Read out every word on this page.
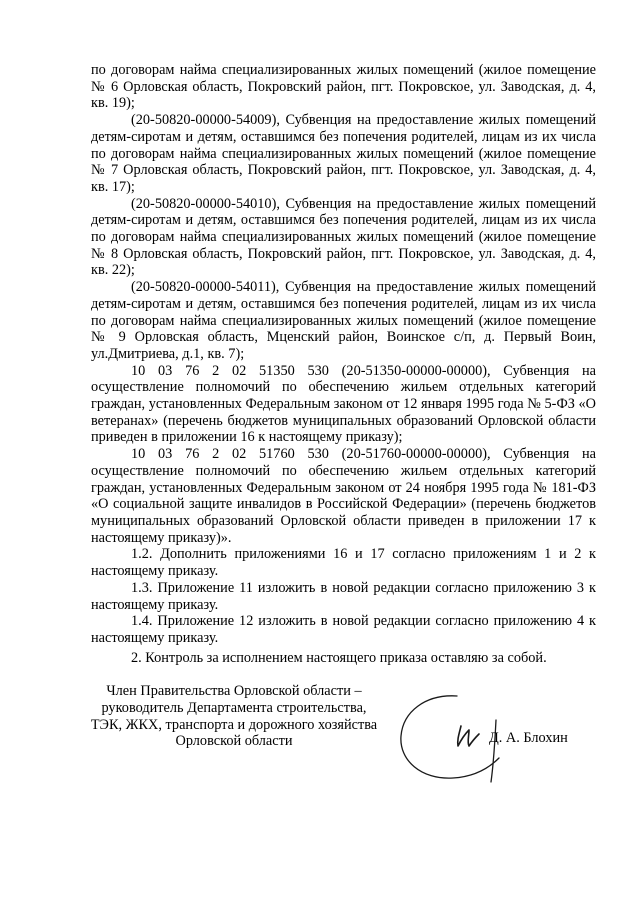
по договорам найма специализированных жилых помещений (жилое помещение № 6 Орловская область, Покровский район, пгт. Покровское, ул. Заводская, д. 4, кв. 19);

(20-50820-00000-54009), Субвенция на предоставление жилых помещений детям-сиротам и детям, оставшимся без попечения родителей, лицам из их числа по договорам найма специализированных жилых помещений (жилое помещение № 7 Орловская область, Покровский район, пгт. Покровское, ул. Заводская, д. 4, кв. 17);

(20-50820-00000-54010), Субвенция на предоставление жилых помещений детям-сиротам и детям, оставшимся без попечения родителей, лицам из их числа по договорам найма специализированных жилых помещений (жилое помещение № 8 Орловская область, Покровский район, пгт. Покровское, ул. Заводская, д. 4, кв. 22);

(20-50820-00000-54011), Субвенция на предоставление жилых помещений детям-сиротам и детям, оставшимся без попечения родителей, лицам из их числа по договорам найма специализированных жилых помещений (жилое помещение № 9 Орловская область, Мценский район, Воинское с/п, д. Первый Воин, ул.Дмитриева, д.1, кв. 7);

10 03 76 2 02 51350 530 (20-51350-00000-00000), Субвенция на осуществление полномочий по обеспечению жильем отдельных категорий граждан, установленных Федеральным законом от 12 января 1995 года № 5-ФЗ «О ветеранах» (перечень бюджетов муниципальных образований Орловской области приведен в приложении 16 к настоящему приказу);

10 03 76 2 02 51760 530 (20-51760-00000-00000), Субвенция на осуществление полномочий по обеспечению жильем отдельных категорий граждан, установленных Федеральным законом от 24 ноября 1995 года № 181-ФЗ «О социальной защите инвалидов в Российской Федерации» (перечень бюджетов муниципальных образований Орловской области приведен в приложении 17 к настоящему приказу)».

1.2. Дополнить приложениями 16 и 17 согласно приложениям 1 и 2 к настоящему приказу.

1.3. Приложение 11 изложить в новой редакции согласно приложению 3 к настоящему приказу.

1.4. Приложение 12 изложить в новой редакции согласно приложению 4 к настоящему приказу.

2. Контроль за исполнением настоящего приказа оставляю за собой.

Член Правительства Орловской области –
руководитель Департамента строительства,
ТЭК, ЖКХ, транспорта и дорожного хозяйства
Орловской области	Д. А. Блохин
